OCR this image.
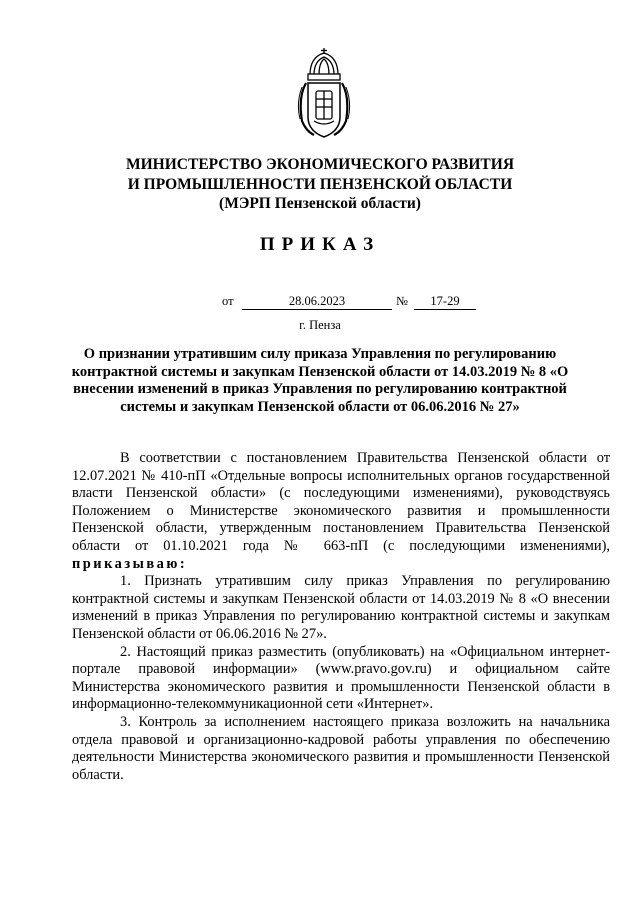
МИНИСТЕРСТВО ЭКОНОМИЧЕСКОГО РАЗВИТИЯ
И ПРОМЫШЛЕННОСТИ ПЕНЗЕНСКОЙ ОБЛАСТИ
(МЭРП Пензенской области)
ПРИКАЗ
от	28.06.2023	№	17-29
г. Пенза
О признании утратившим силу приказа Управления по регулированию контрактной системы и закупкам Пензенской области от 14.03.2019 № 8 «О внесении изменений в приказ Управления по регулированию контрактной системы и закупкам Пензенской области от 06.06.2016 № 27»

В соответствии с постановлением Правительства Пензенской области от 12.07.2021 № 410-пП «Отдельные вопросы исполнительных органов государственной власти Пензенской области» (с последующими изменениями), руководствуясь Положением о Министерстве экономического развития и промышленности Пензенской области, утвержденным постановлением Правительства Пензенской области от 01.10.2021 года № 663-пП (с последующими изменениями), приказываю:

1. Признать утратившим силу приказ Управления по регулированию контрактной системы и закупкам Пензенской области от 14.03.2019 № 8 «О внесении изменений в приказ Управления по регулированию контрактной системы и закупкам Пензенской области от 06.06.2016 № 27».

2. Настоящий приказ разместить (опубликовать) на «Официальном интернет-портале правовой информации» (www.pravo.gov.ru) и официальном сайте Министерства экономического развития и промышленности Пензенской области в информационно-телекоммуникационной сети «Интернет».

3. Контроль за исполнением настоящего приказа возложить на начальника отдела правовой и организационно-кадровой работы управления по обеспечению деятельности Министерства экономического развития и промышленности Пензенской области.
